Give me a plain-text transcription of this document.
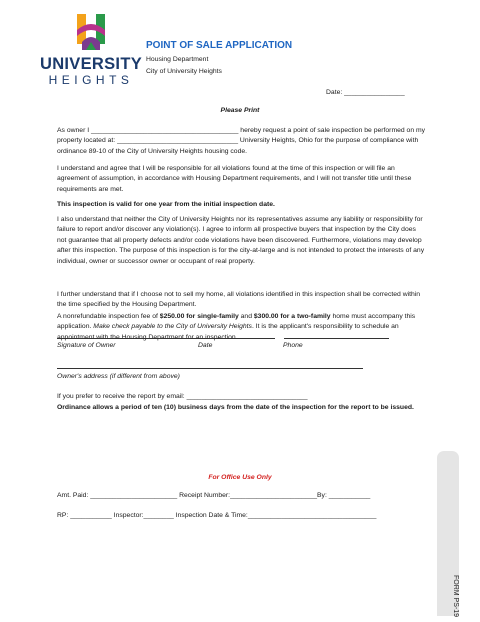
UNIVERSITY
HEIGHTS
POINT OF SALE APPLICATION
Housing Department
City of University Heights
Date: ________________
Please Print

As owner I _______________________________________ hereby request a point of sale inspection be performed on my property located at: ________________________________ University Heights, Ohio for the purpose of compliance with ordinance 89-10 of the City of University Heights housing code.

I understand and agree that I will be responsible for all violations found at the time of this inspection or will file an agreement of assumption, in accordance with Housing Department requirements, and I will not transfer title until these requirements are met.

This inspection is valid for one year from the initial inspection date.

I also understand that neither the City of University Heights nor its representatives assume any liability or responsibility for failure to report and/or discover any violation(s). I agree to inform all prospective buyers that inspection by the City does not guarantee that all property defects and/or code violations have been discovered. Furthermore, violations may develop after this inspection. The purpose of this inspection is for the city-at-large and is not intended to protect the interests of any individual, owner or successor owner or occupant of real property.

I further understand that if I choose not to sell my home, all violations identified in this inspection shall be corrected within the time specified by the Housing Department.

A nonrefundable inspection fee of $250.00 for single-family and $300.00 for a two-family home must accompany this application. Make check payable to the City of University Heights. It is the applicant's responsibility to schedule an appointment with the Housing Department for an inspection.

Signature of Owner	Date	Phone
Owner's address (if different from above)

If you prefer to receive the report by email: ________________________________

Ordinance allows a period of ten (10) business days from the date of the inspection for the report to be issued.

For Office Use Only
Amt. Paid: _______________________ Receipt Number:_______________________By: ___________
RP: ___________ Inspector:________ Inspection Date & Time:__________________________________
FORM PS-19
